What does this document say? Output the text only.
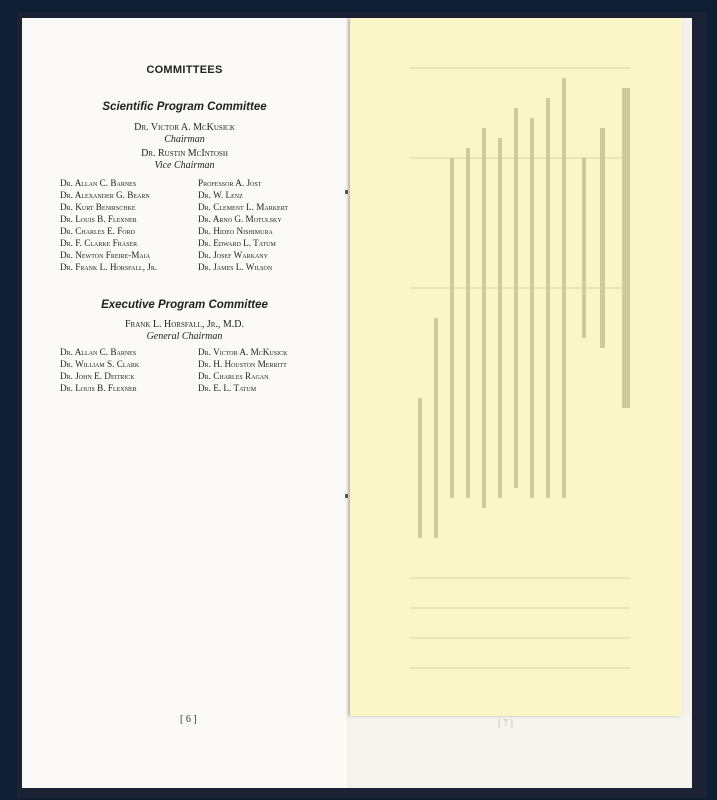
COMMITTEES
Scientific Program Committee
Dr. Victor A. McKusick
Chairman
Dr. Rustin McIntosh
Vice Chairman
Dr. Allan C. Barnes
Dr. Alexander G. Bearn
Dr. Kurt Benirschke
Dr. Louis B. Flexner
Dr. Charles E. Ford
Dr. F. Clarke Fraser
Dr. Newton Freire-Maia
Dr. Frank L. Horsfall, Jr.
Professor A. Jost
Dr. W. Lenz
Dr. Clement L. Markert
Dr. Arno G. Motulsky
Dr. Hideo Nishimura
Dr. Edward L. Tatum
Dr. Josef Warkany
Dr. James L. Wilson
Executive Program Committee
Frank L. Horsfall, Jr., M.D.
General Chairman
Dr. Allan C. Barnes
Dr. William S. Clark
Dr. John E. Deitrick
Dr. Louis B. Flexner
Dr. Victor A. McKusick
Dr. H. Houston Merritt
Dr. Charles Ragan
Dr. E. L. Tatum
[ 6 ]	[ 7 ]
